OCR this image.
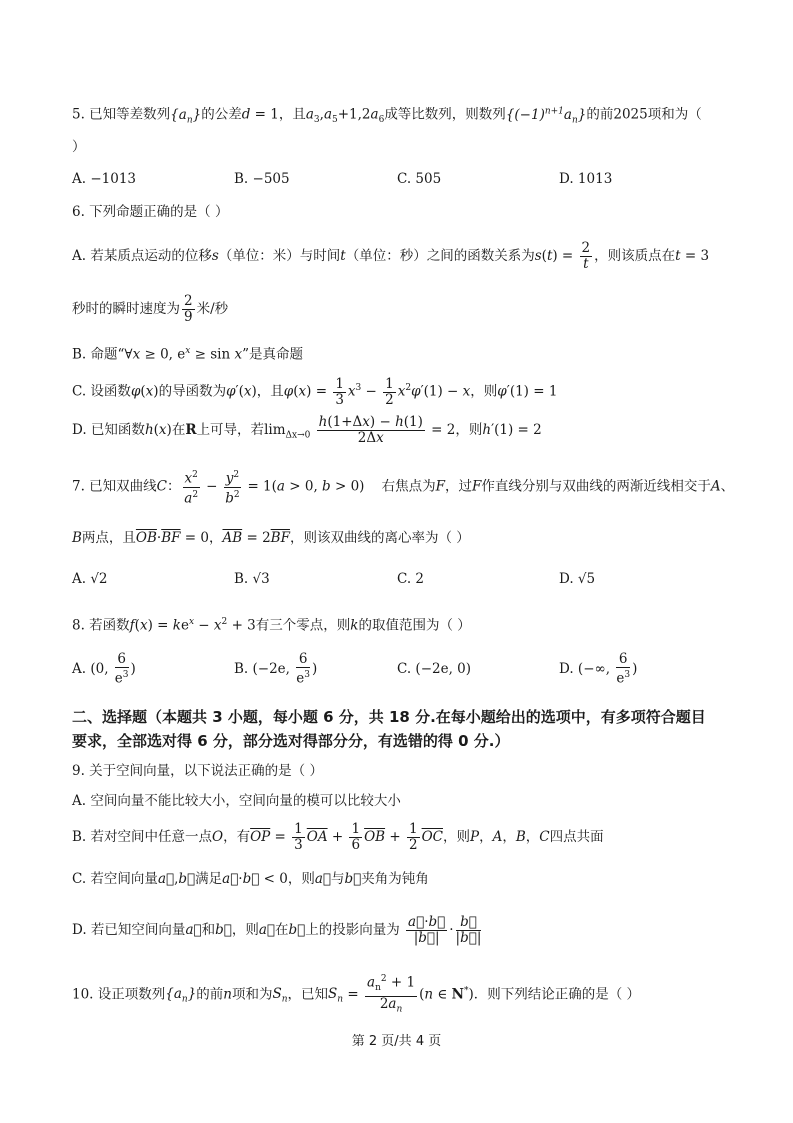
5. 已知等差数列$\{a_n\}$的公差d = 1，且$a_3,a_5+1,2a_6$成等比数列，则数列$\{(-1)^{n+1}a_n\}$的前2025项和为（
）
A. −1013	B. −505	C. 505	D. 1013
6. 下列命题正确的是（ ）
A. 若某质点运动的位移s（单位：米）与时间t（单位：秒）之间的函数关系为$s(t) = \frac{2}{t}$ ，则该质点在t = 3
秒时的瞬时速度为 $\frac{2}{9}$ 米/秒
B. 命题“∀x ≥ 0, $e^x \ge \sin x$”是真命题
C. 设函数φ(x)的导函数为φ′(x)，且$\varphi(x) = \frac{1}{3} x^3 - \frac{1}{2} x^2\varphi'(1) - x$，则φ′(1) = 1
D. 已知函数h(x)在R上可导，若$\lim_{\Delta x\to 0} \frac{h(1+\Delta x) - h(1)}{2\Delta x} = 2$，则h′(1) = 2
7. 已知双曲线C： $\frac{x^2}{a^2} - \frac{y^2}{b^2} = 1(a > 0$, b > 0)    右焦点为F，过F作直线分别与双曲线的两渐近线相交于A、
B两点，且$\overline{OB}\cdot\overline{BF} = 0$，$\overline{AB} = 2\overline{BF}$，则该双曲线的离心率为（ ）
A. √2	B. √3	C. 2	D. √5
8. 若函数$f(x) = ke^x - x^2 + 3$有三个零点，则k的取值范围为（ ）
A. (0, $\frac{6}{e^3}$ )	B. (−2e, $\frac{6}{e^3}$ )	C. (−2e, 0)	D. (−∞, $\frac{6}{e^3}$ )
二、选择题（本题共 3 小题，每小题 6 分，共 18 分.在每小题给出的选项中，有多项符合题目
要求，全部选对得 6 分，部分选对得部分分，有选错的得 0 分.）
9. 关于空间向量，以下说法正确的是（ ）
A. 空间向量不能比较大小，空间向量的模可以比较大小
B. 若对空间中任意一点O，有$\overline{OP} = \frac{1}{3} \overline{OA} + \frac{1}{6} \overline{OB} + \frac{1}{2} \overline{OC}$，则P，A，B，C四点共面
C. 若空间向量a⃗,b⃗满足a⃗·b⃗ < 0，则a⃗与b⃗夹角为钝角
D. 若已知空间向量a⃗和b⃗，则a⃗在b⃗上的投影向量为 $\frac{a⃗\cdot b⃗}{|b⃗|} \cdot \frac{b⃗}{|b⃗|}$
10. 设正项数列$\{a_n\}$的前n项和为$S_n$，已知$S_n = \frac{a_n^2 + 1}{2a_n} (n$ ∈ N*)．则下列结论正确的是（ ）
第 2 页/共 4 页
